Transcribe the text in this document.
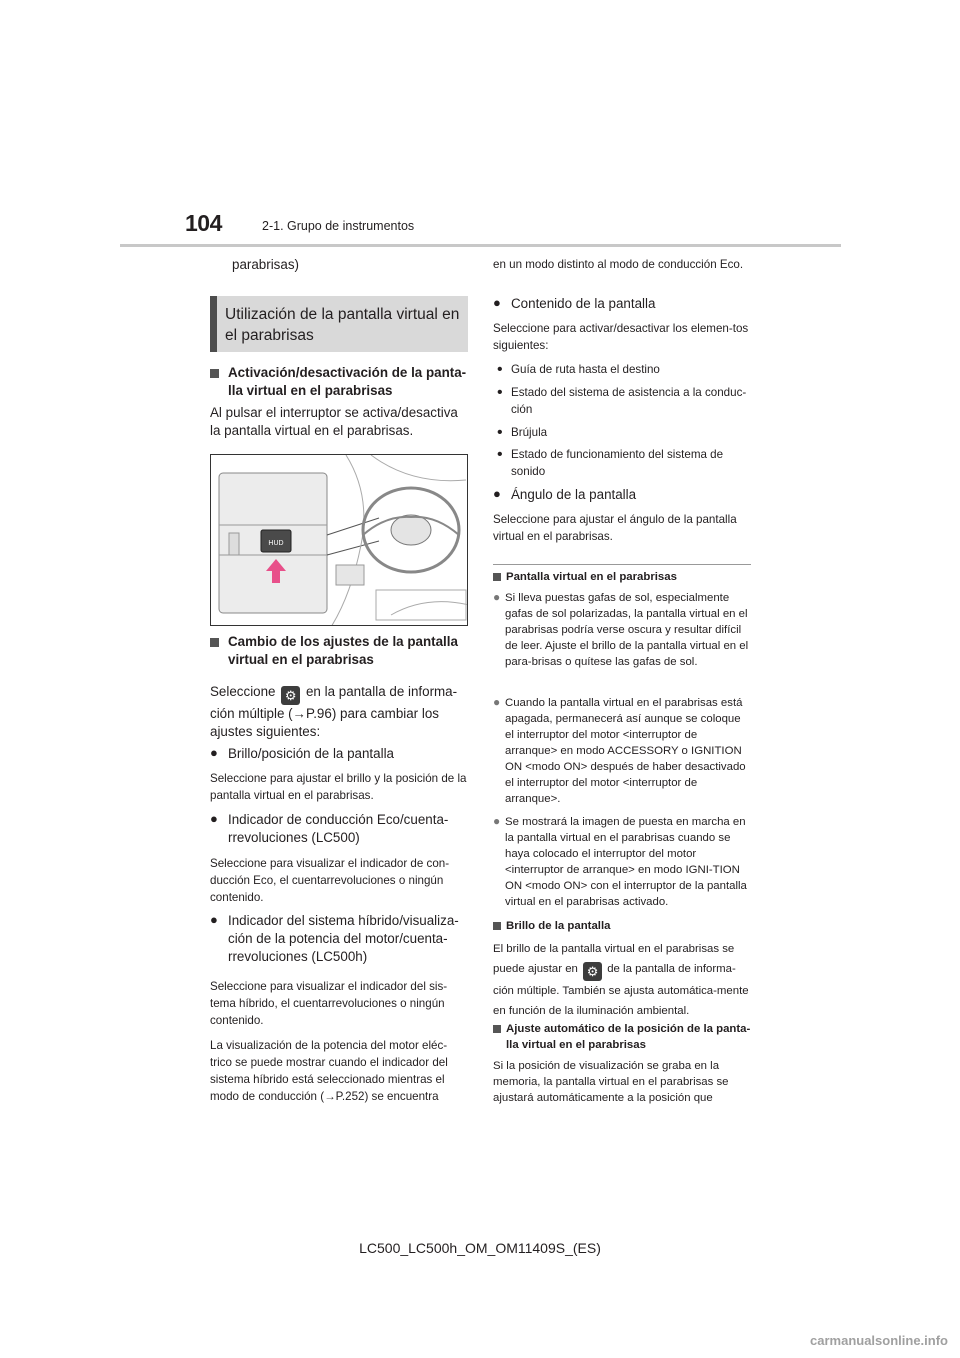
104	2-1. Grupo de instrumentos

parabrisas)

Utilización de la pantalla virtual en el parabrisas

Activación/desactivación de la panta-lla virtual en el parabrisas

Al pulsar el interruptor se activa/desactiva la pantalla virtual en el parabrisas.

HUD

Cambio de los ajustes de la pantalla virtual en el parabrisas

Seleccione ⚙ en la pantalla de informa-ción múltiple (→P.96) para cambiar los ajustes siguientes:

● Brillo/posición de la pantalla

Seleccione para ajustar el brillo y la posición de la pantalla virtual en el parabrisas.

● Indicador de conducción Eco/cuenta-rrevoluciones (LC500)

Seleccione para visualizar el indicador de con-ducción Eco, el cuentarrevoluciones o ningún contenido.

● Indicador del sistema híbrido/visualiza-ción de la potencia del motor/cuenta-rrevoluciones (LC500h)

Seleccione para visualizar el indicador del sis-tema híbrido, el cuentarrevoluciones o ningún contenido.

La visualización de la potencia del motor eléc-trico se puede mostrar cuando el indicador del sistema híbrido está seleccionado mientras el modo de conducción (→P.252) se encuentra

en un modo distinto al modo de conducción Eco.

● Contenido de la pantalla

Seleccione para activar/desactivar los elemen-tos siguientes:

• Guía de ruta hasta el destino

• Estado del sistema de asistencia a la conduc-ción

• Brújula

• Estado de funcionamiento del sistema de sonido

● Ángulo de la pantalla

Seleccione para ajustar el ángulo de la pantalla virtual en el parabrisas.

Pantalla virtual en el parabrisas

● Si lleva puestas gafas de sol, especialmente gafas de sol polarizadas, la pantalla virtual en el parabrisas podría verse oscura y resultar difícil de leer. Ajuste el brillo de la pantalla virtual en el para-brisas o quítese las gafas de sol.

● Cuando la pantalla virtual en el parabrisas está apagada, permanecerá así aunque se coloque el interruptor del motor <interruptor de arranque> en modo ACCESSORY o IGNITION ON <modo ON> después de haber desactivado el interruptor del motor <interruptor de arranque>.

● Se mostrará la imagen de puesta en marcha en la pantalla virtual en el parabrisas cuando se haya colocado el interruptor del motor <interruptor de arranque> en modo IGNI-TION ON <modo ON> con el interruptor de la pantalla virtual en el parabrisas activado.

Brillo de la pantalla

El brillo de la pantalla virtual en el parabrisas se puede ajustar en ⚙ de la pantalla de informa-ción múltiple. También se ajusta automática-mente en función de la iluminación ambiental.

Ajuste automático de la posición de la panta-lla virtual en el parabrisas

Si la posición de visualización se graba en la memoria, la pantalla virtual en el parabrisas se ajustará automáticamente a la posición que

LC500_LC500h_OM_OM11409S_(ES)
carmanualsonline.info
